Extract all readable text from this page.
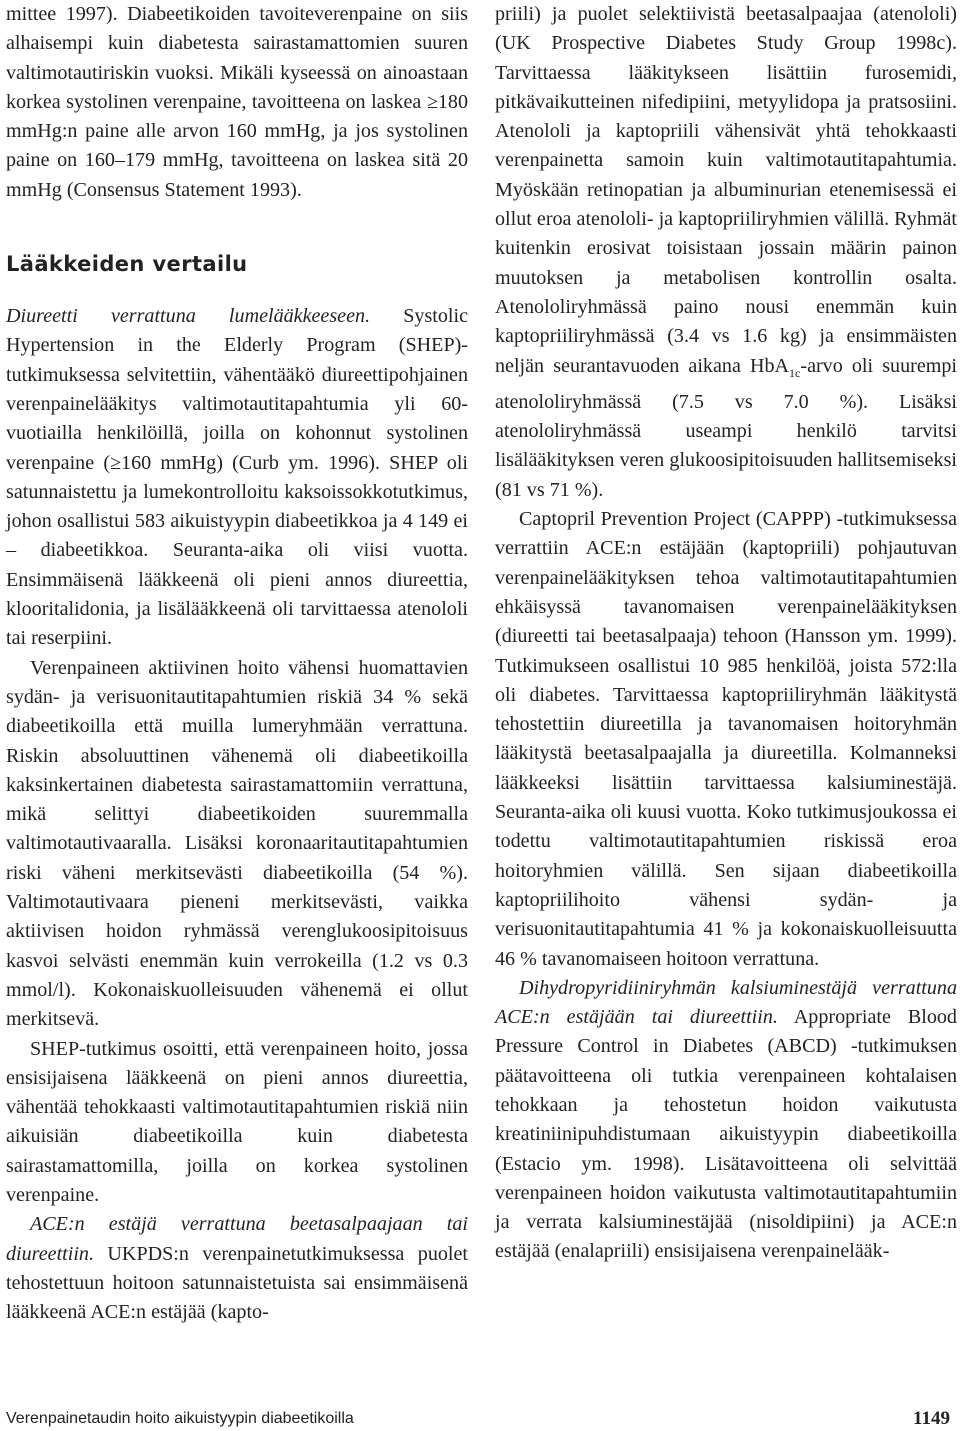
mittee 1997). Diabeetikoiden tavoiteverenpaine on siis alhaisempi kuin diabetesta sairastamattomien suuren valtimotautiriskin vuoksi. Mikäli kyseessä on ainoastaan korkea systolinen verenpaine, tavoitteena on laskea ≥180 mmHg:n paine alle arvon 160 mmHg, ja jos systolinen paine on 160–179 mmHg, tavoitteena on laskea sitä 20 mmHg (Consensus Statement 1993).

Lääkkeiden vertailu

Diureetti verrattuna lumelääkkeeseen. Systolic Hypertension in the Elderly Program (SHEP)-tutkimuksessa selvitettiin, vähentääkö diureettipohjainen verenpainelääkitys valtimotautitapahtumia yli 60-vuotiailla henkilöillä, joilla on kohonnut systolinen verenpaine (≥160 mmHg) (Curb ym. 1996). SHEP oli satunnaistettu ja lumekontrolloitu kaksoissokkotutkimus, johon osallistui 583 aikuistyypin diabeetikkoa ja 4 149 ei – diabeetikkoa. Seuranta-aika oli viisi vuotta. Ensimmäisenä lääkkeenä oli pieni annos diureettia, klooritalidonia, ja lisälääkkeenä oli tarvittaessa atenololi tai reserpiini.

Verenpaineen aktiivinen hoito vähensi huomattavien sydän- ja verisuonitautitapahtumien riskiä 34 % sekä diabeetikoilla että muilla lumeryhmään verrattuna. Riskin absoluuttinen vähenemä oli diabeetikoilla kaksinkertainen diabetesta sairastamattomiin verrattuna, mikä selittyi diabeetikoiden suuremmalla valtimotautivaaralla. Lisäksi koronaaritautitapahtumien riski väheni merkitsevästi diabeetikoilla (54 %). Valtimotautivaara pieneni merkitsevästi, vaikka aktiivisen hoidon ryhmässä verenglukoosipitoisuus kasvoi selvästi enemmän kuin verrokeilla (1.2 vs 0.3 mmol/l). Kokonaiskuolleisuuden vähenemä ei ollut merkitsevä.

SHEP-tutkimus osoitti, että verenpaineen hoito, jossa ensisijaisena lääkkeenä on pieni annos diureettia, vähentää tehokkaasti valtimotautitapahtumien riskiä niin aikuisiän diabeetikoilla kuin diabetesta sairastamattomilla, joilla on korkea systolinen verenpaine.

ACE:n estäjä verrattuna beetasalpaajaan tai diureettiin. UKPDS:n verenpainetutkimuksessa puolet tehostettuun hoitoon satunnaistetuista sai ensimmäisenä lääkkeenä ACE:n estäjää (kapto-

priili) ja puolet selektiivistä beetasalpaajaa (atenololi) (UK Prospective Diabetes Study Group 1998c). Tarvittaessa lääkitykseen lisättiin furosemidi, pitkävaikutteinen nifedipiini, metyylidopa ja pratsosiini. Atenololi ja kaptopriili vähensivät yhtä tehokkaasti verenpainetta samoin kuin valtimotautitapahtumia. Myöskään retinopatian ja albuminurian etenemisessä ei ollut eroa atenololi- ja kaptopriiliryhmien välillä. Ryhmät kuitenkin erosivat toisistaan jossain määrin painon muutoksen ja metabolisen kontrollin osalta. Atenololiryhmässä paino nousi enemmän kuin kaptopriiliryhmässä (3.4 vs 1.6 kg) ja ensimmäisten neljän seurantavuoden aikana HbA$_{1c}$-arvo oli suurempi atenololiryhmässä (7.5 vs 7.0 %). Lisäksi atenololiryhmässä useampi henkilö tarvitsi lisälääkityksen veren glukoosipitoisuuden hallitsemiseksi (81 vs 71 %).

Captopril Prevention Project (CAPPP) -tutkimuksessa verrattiin ACE:n estäjään (kaptopriili) pohjautuvan verenpainelääkityksen tehoa valtimotautitapahtumien ehkäisyssä tavanomaisen verenpainelääkityksen (diureetti tai beetasalpaaja) tehoon (Hansson ym. 1999). Tutkimukseen osallistui 10 985 henkilöä, joista 572:lla oli diabetes. Tarvittaessa kaptopriiliryhmän lääkitystä tehostettiin diureetilla ja tavanomaisen hoitoryhmän lääkitystä beetasalpaajalla ja diureetilla. Kolmanneksi lääkkeeksi lisättiin tarvittaessa kalsiuminestäjä. Seuranta-aika oli kuusi vuotta. Koko tutkimusjoukossa ei todettu valtimotautitapahtumien riskissä eroa hoitoryhmien välillä. Sen sijaan diabeetikoilla kaptopriilihoito vähensi sydän- ja verisuonitautitapahtumia 41 % ja kokonaiskuolleisuutta 46 % tavanomaiseen hoitoon verrattuna.

Dihydropyridiiniryhmän kalsiuminestäjä verrattuna ACE:n estäjään tai diureettiin. Appropriate Blood Pressure Control in Diabetes (ABCD) -tutkimuksen päätavoitteena oli tutkia verenpaineen kohtalaisen tehokkaan ja tehostetun hoidon vaikutusta kreatiniinipuhdistumaan aikuistyypin diabeetikoilla (Estacio ym. 1998). Lisätavoitteena oli selvittää verenpaineen hoidon vaikutusta valtimotautitapahtumiin ja verrata kalsiuminestäjää (nisoldipiini) ja ACE:n estäjää (enalapriili) ensisijaisena verenpainelääk-

Verenpainetaudin hoito aikuistyypin diabeetikoilla	1149
